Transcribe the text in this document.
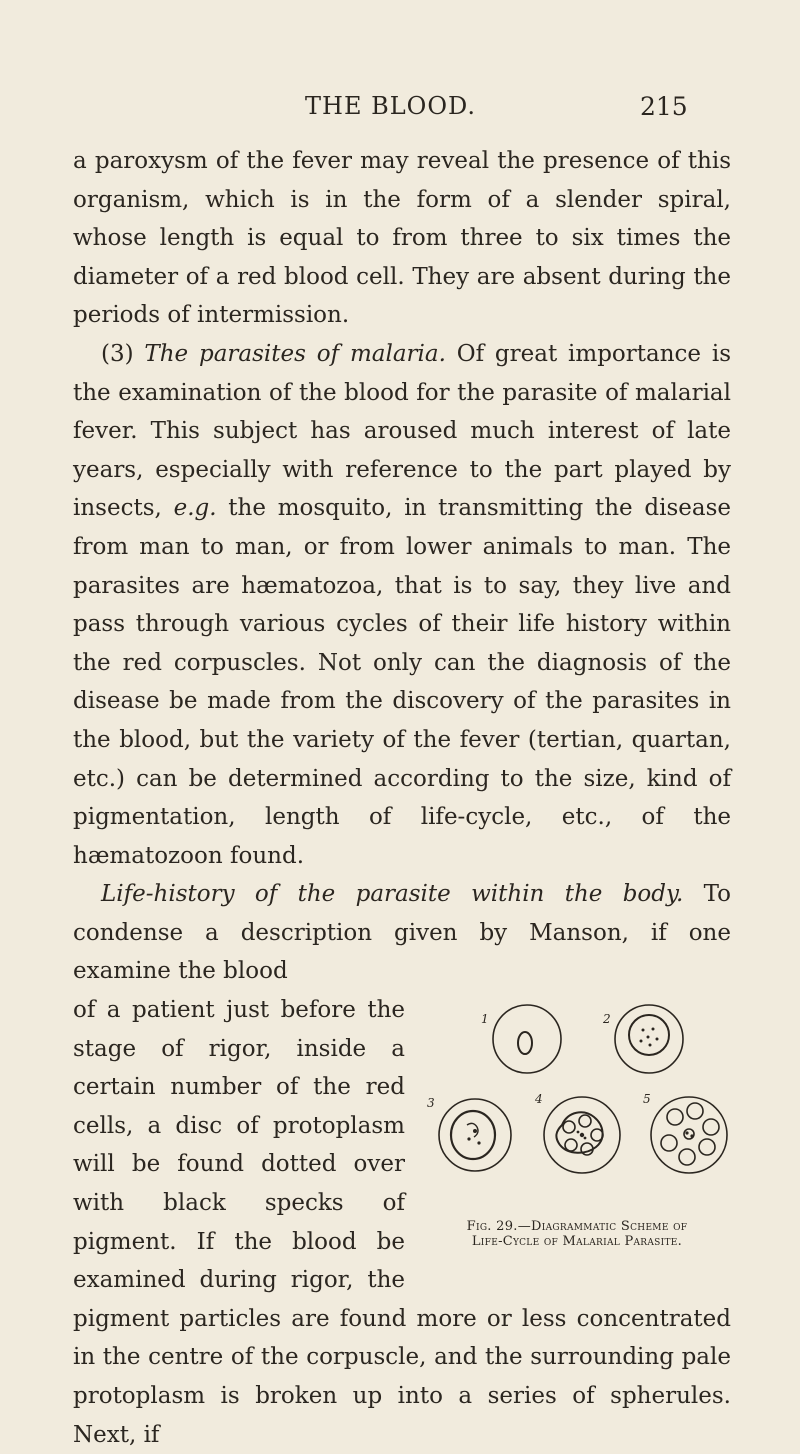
THE BLOOD.	215

a paroxysm of the fever may reveal the presence of this organism, which is in the form of a slender spiral, whose length is equal to from three to six times the diameter of a red blood cell. They are absent during the periods of intermission.

(3) The parasites of malaria. Of great importance is the examination of the blood for the parasite of malarial fever. This subject has aroused much interest of late years, especially with reference to the part played by insects, e.g. the mosquito, in transmitting the disease from man to man, or from lower animals to man. The parasites are hæmatozoa, that is to say, they live and pass through various cycles of their life history within the red corpuscles. Not only can the diagnosis of the disease be made from the discovery of the parasites in the blood, but the variety of the fever (tertian, quartan, etc.) can be determined according to the size, kind of pigmentation, length of life-cycle, etc., of the hæmatozoon found.

Life-history of the parasite within the body. To condense a description given by Manson, if one examine the blood

1	2
3	4	5
Fig. 29.—Diagrammatic Scheme of
Life-Cycle of Malarial Parasite.

of a patient just before the stage of rigor, inside a certain number of the red cells, a disc of protoplasm will be found dotted over with black specks of pigment. If the blood be examined during rigor, the pigment particles are found more or less concentrated in the centre of the corpuscle, and the surrounding pale protoplasm is broken up into a series of spherules. Next, if
